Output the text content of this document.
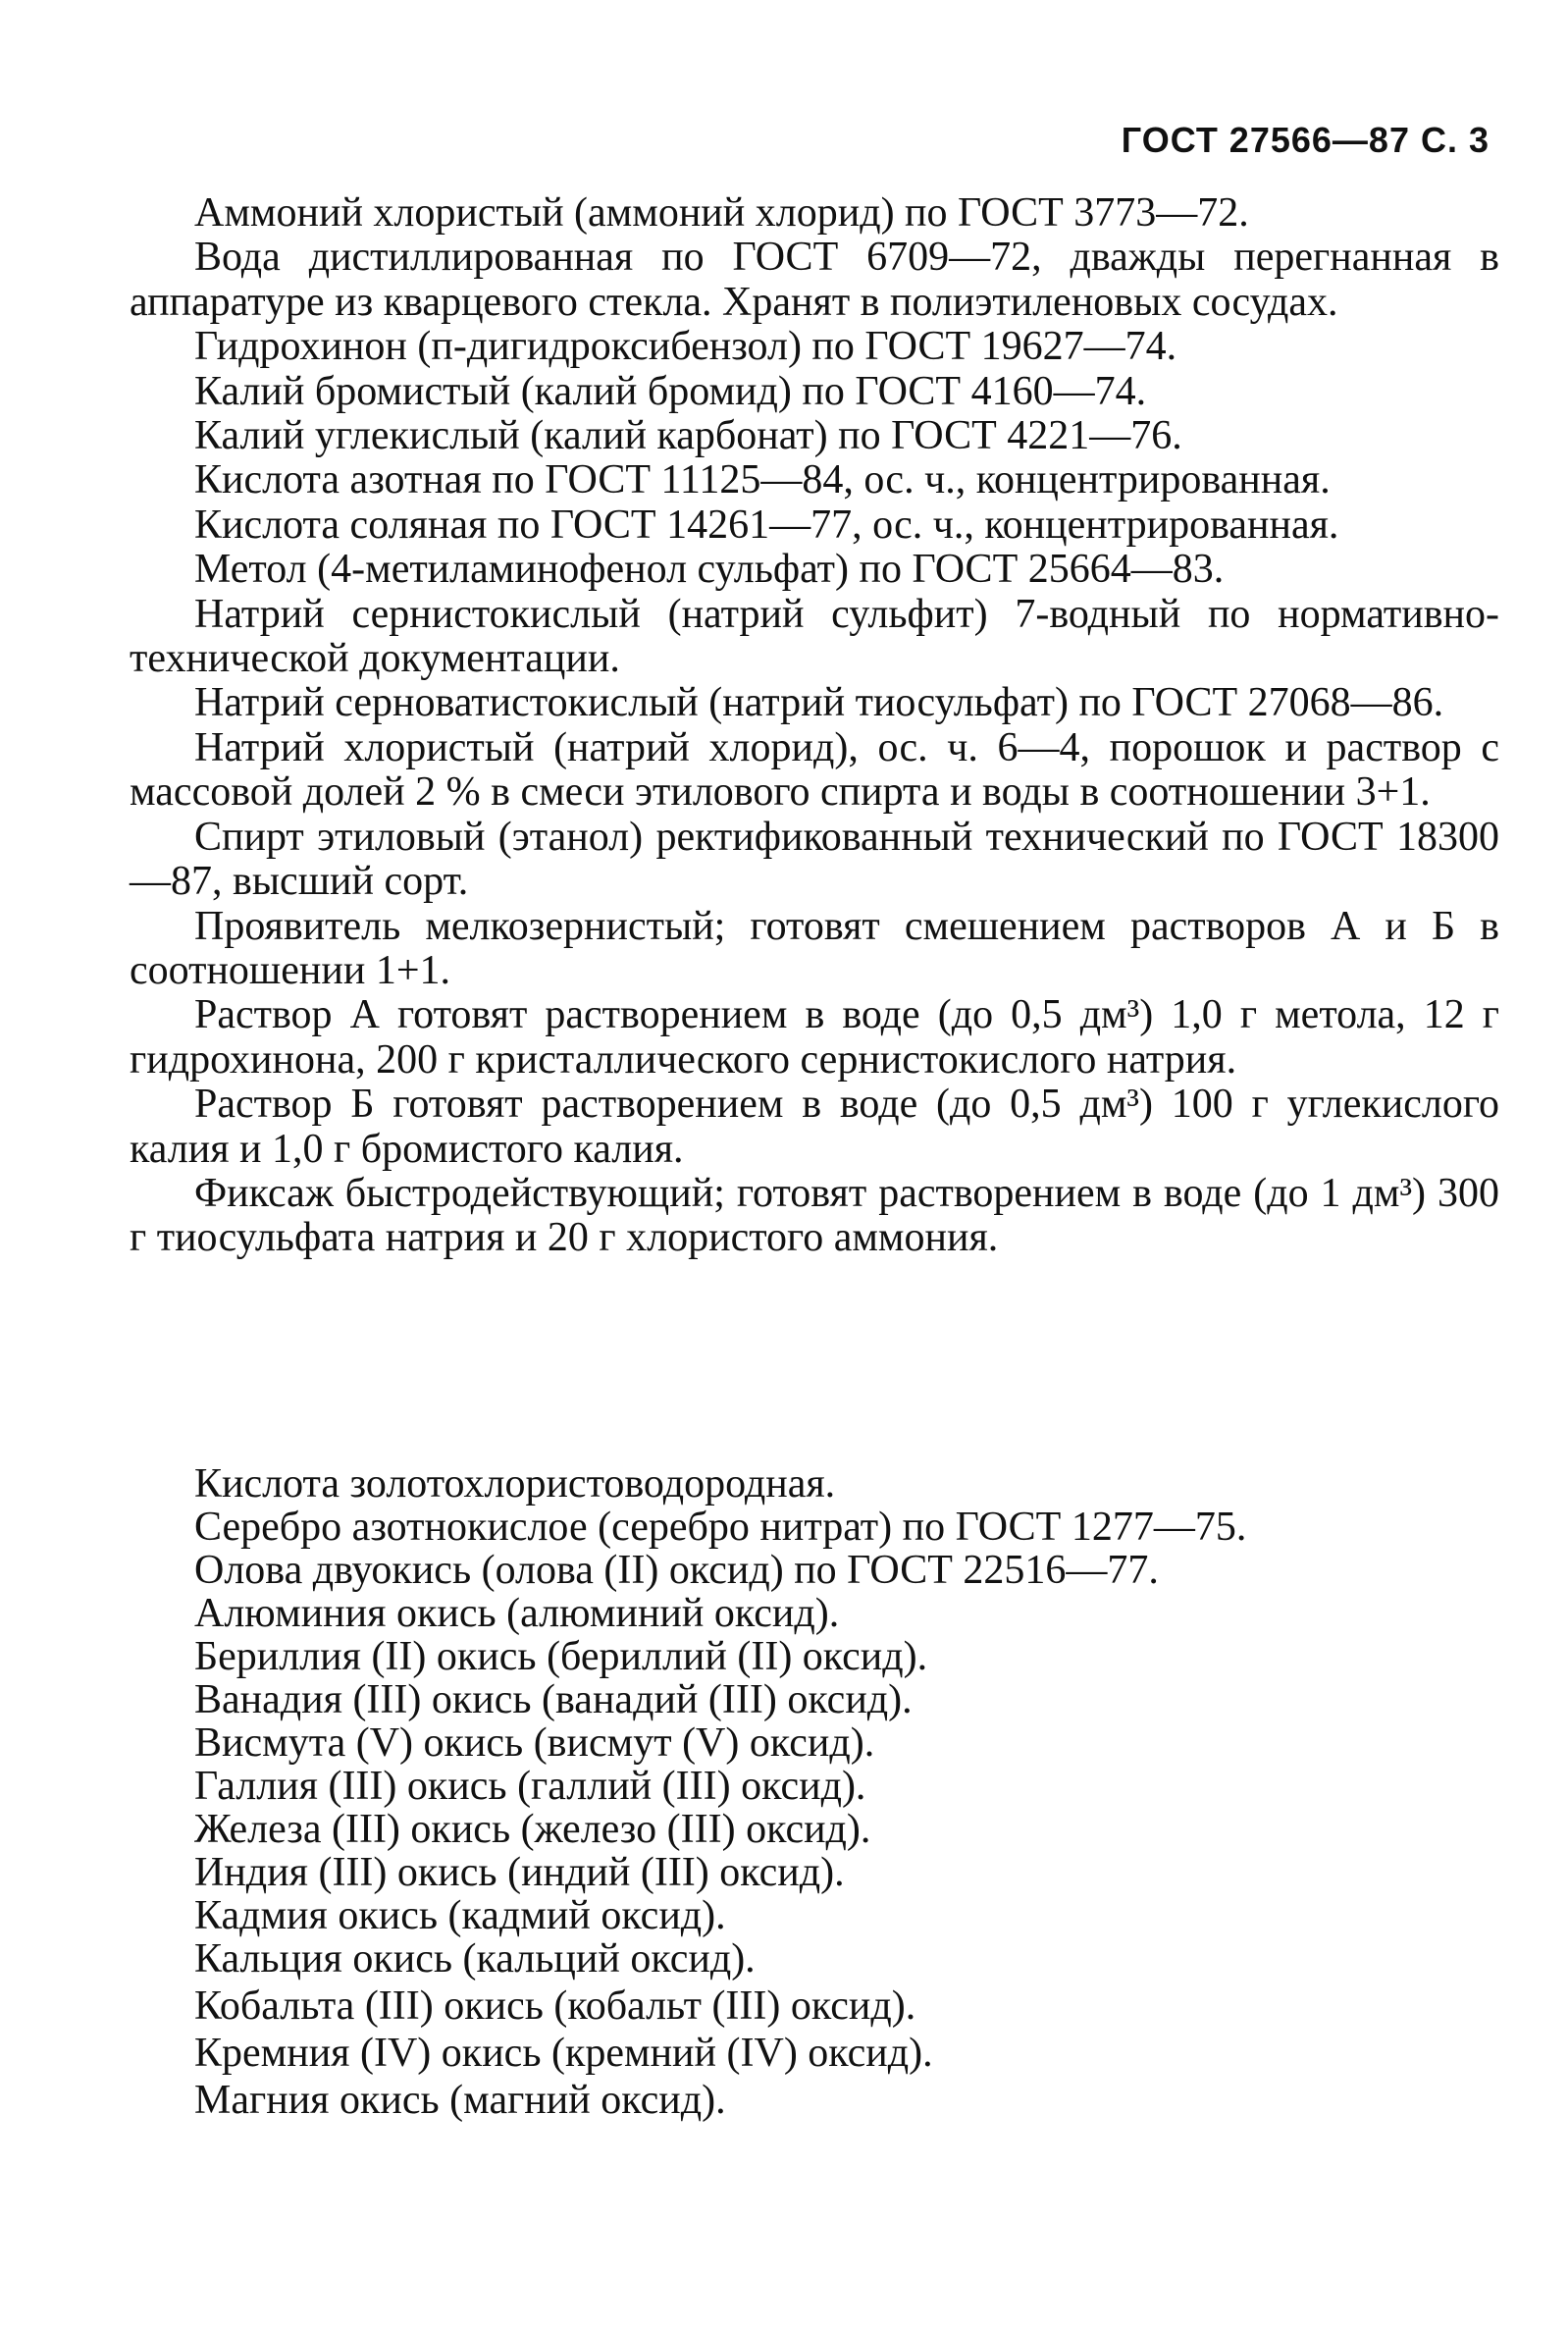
ГОСТ 27566—87 С. 3

Аммоний хлористый (аммоний хлорид) по ГОСТ 3773—72.

Вода дистиллированная по ГОСТ 6709—72, дважды перегнанная в аппаратуре из кварцевого стекла. Хранят в полиэтиленовых сосудах.

Гидрохинон (п-дигидроксибензол) по ГОСТ 19627—74.

Калий бромистый (калий бромид) по ГОСТ 4160—74.

Калий углекислый (калий карбонат) по ГОСТ 4221—76.

Кислота азотная по ГОСТ 11125—84, ос. ч., концентрированная.

Кислота соляная по ГОСТ 14261—77, ос. ч., концентрированная.

Метол (4-метиламинофенол сульфат) по ГОСТ 25664—83.

Натрий сернистокислый (натрий сульфит) 7-водный по нормативно-технической документации.

Натрий серноватистокислый (натрий тиосульфат) по ГОСТ 27068—86.

Натрий хлористый (натрий хлорид), ос. ч. 6—4, порошок и раствор с массовой долей 2 % в смеси этилового спирта и воды в соотношении 3+1.

Спирт этиловый (этанол) ректификованный технический по ГОСТ 18300—87, высший сорт.

Проявитель мелкозернистый; готовят смешением растворов А и Б в соотношении 1+1.

Раствор А готовят растворением в воде (до 0,5 дм³) 1,0 г метола, 12 г гидрохинона, 200 г кристаллического сернистокислого натрия.

Раствор Б готовят растворением в воде (до 0,5 дм³) 100 г углекислого калия и 1,0 г бромистого калия.

Фиксаж быстродействующий; готовят растворением в воде (до 1 дм³) 300 г тиосульфата натрия и 20 г хлористого аммония.

Кислота золотохлористоводородная.
Серебро азотнокислое (серебро нитрат) по ГОСТ 1277—75.
Олова двуокись (олова (II) оксид) по ГОСТ 22516—77.
Алюминия окись (алюминий оксид).
Бериллия (II) окись (бериллий (II) оксид).
Ванадия (III) окись (ванадий (III) оксид).
Висмута (V) окись (висмут (V) оксид).
Галлия (III) окись (галлий (III) оксид).
Железа (III) окись (железо (III) оксид).
Индия (III) окись (индий (III) оксид).
Кадмия окись (кадмий оксид).
Кальция окись (кальций оксид).
Кобальта (III) окись (кобальт (III) оксид).
Кремния (IV) окись (кремний (IV) оксид).
Магния окись (магний оксид).
